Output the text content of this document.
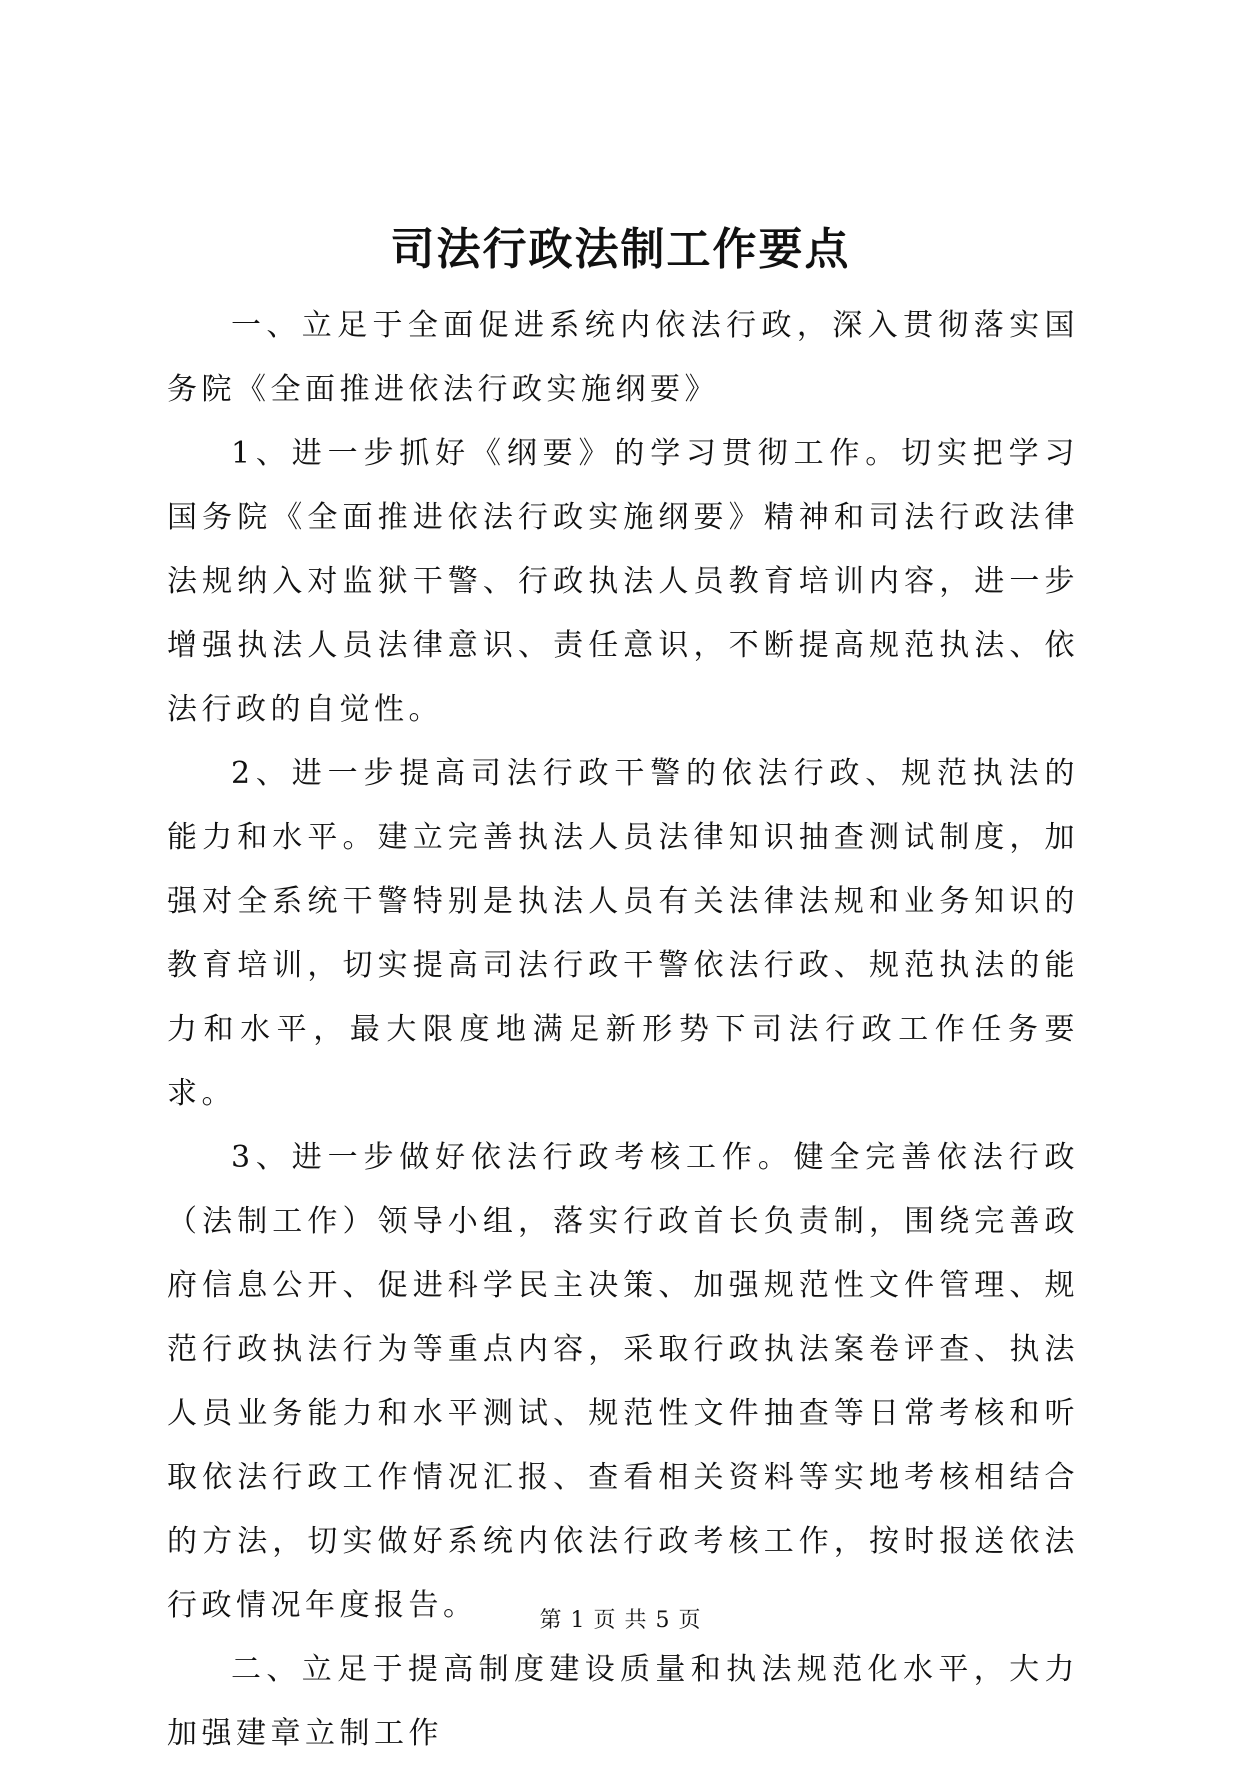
司法行政法制工作要点

一、立足于全面促进系统内依法行政，深入贯彻落实国务院《全面推进依法行政实施纲要》

1、进一步抓好《纲要》的学习贯彻工作。切实把学习国务院《全面推进依法行政实施纲要》精神和司法行政法律法规纳入对监狱干警、行政执法人员教育培训内容，进一步增强执法人员法律意识、责任意识，不断提高规范执法、依法行政的自觉性。

2、进一步提高司法行政干警的依法行政、规范执法的能力和水平。建立完善执法人员法律知识抽查测试制度，加强对全系统干警特别是执法人员有关法律法规和业务知识的教育培训，切实提高司法行政干警依法行政、规范执法的能力和水平，最大限度地满足新形势下司法行政工作任务要求。

3、进一步做好依法行政考核工作。健全完善依法行政（法制工作）领导小组，落实行政首长负责制，围绕完善政府信息公开、促进科学民主决策、加强规范性文件管理、规范行政执法行为等重点内容，采取行政执法案卷评查、执法人员业务能力和水平测试、规范性文件抽查等日常考核和听取依法行政工作情况汇报、查看相关资料等实地考核相结合的方法，切实做好系统内依法行政考核工作，按时报送依法行政情况年度报告。

二、立足于提高制度建设质量和执法规范化水平，大力加强建章立制工作

第 1 页 共 5 页
